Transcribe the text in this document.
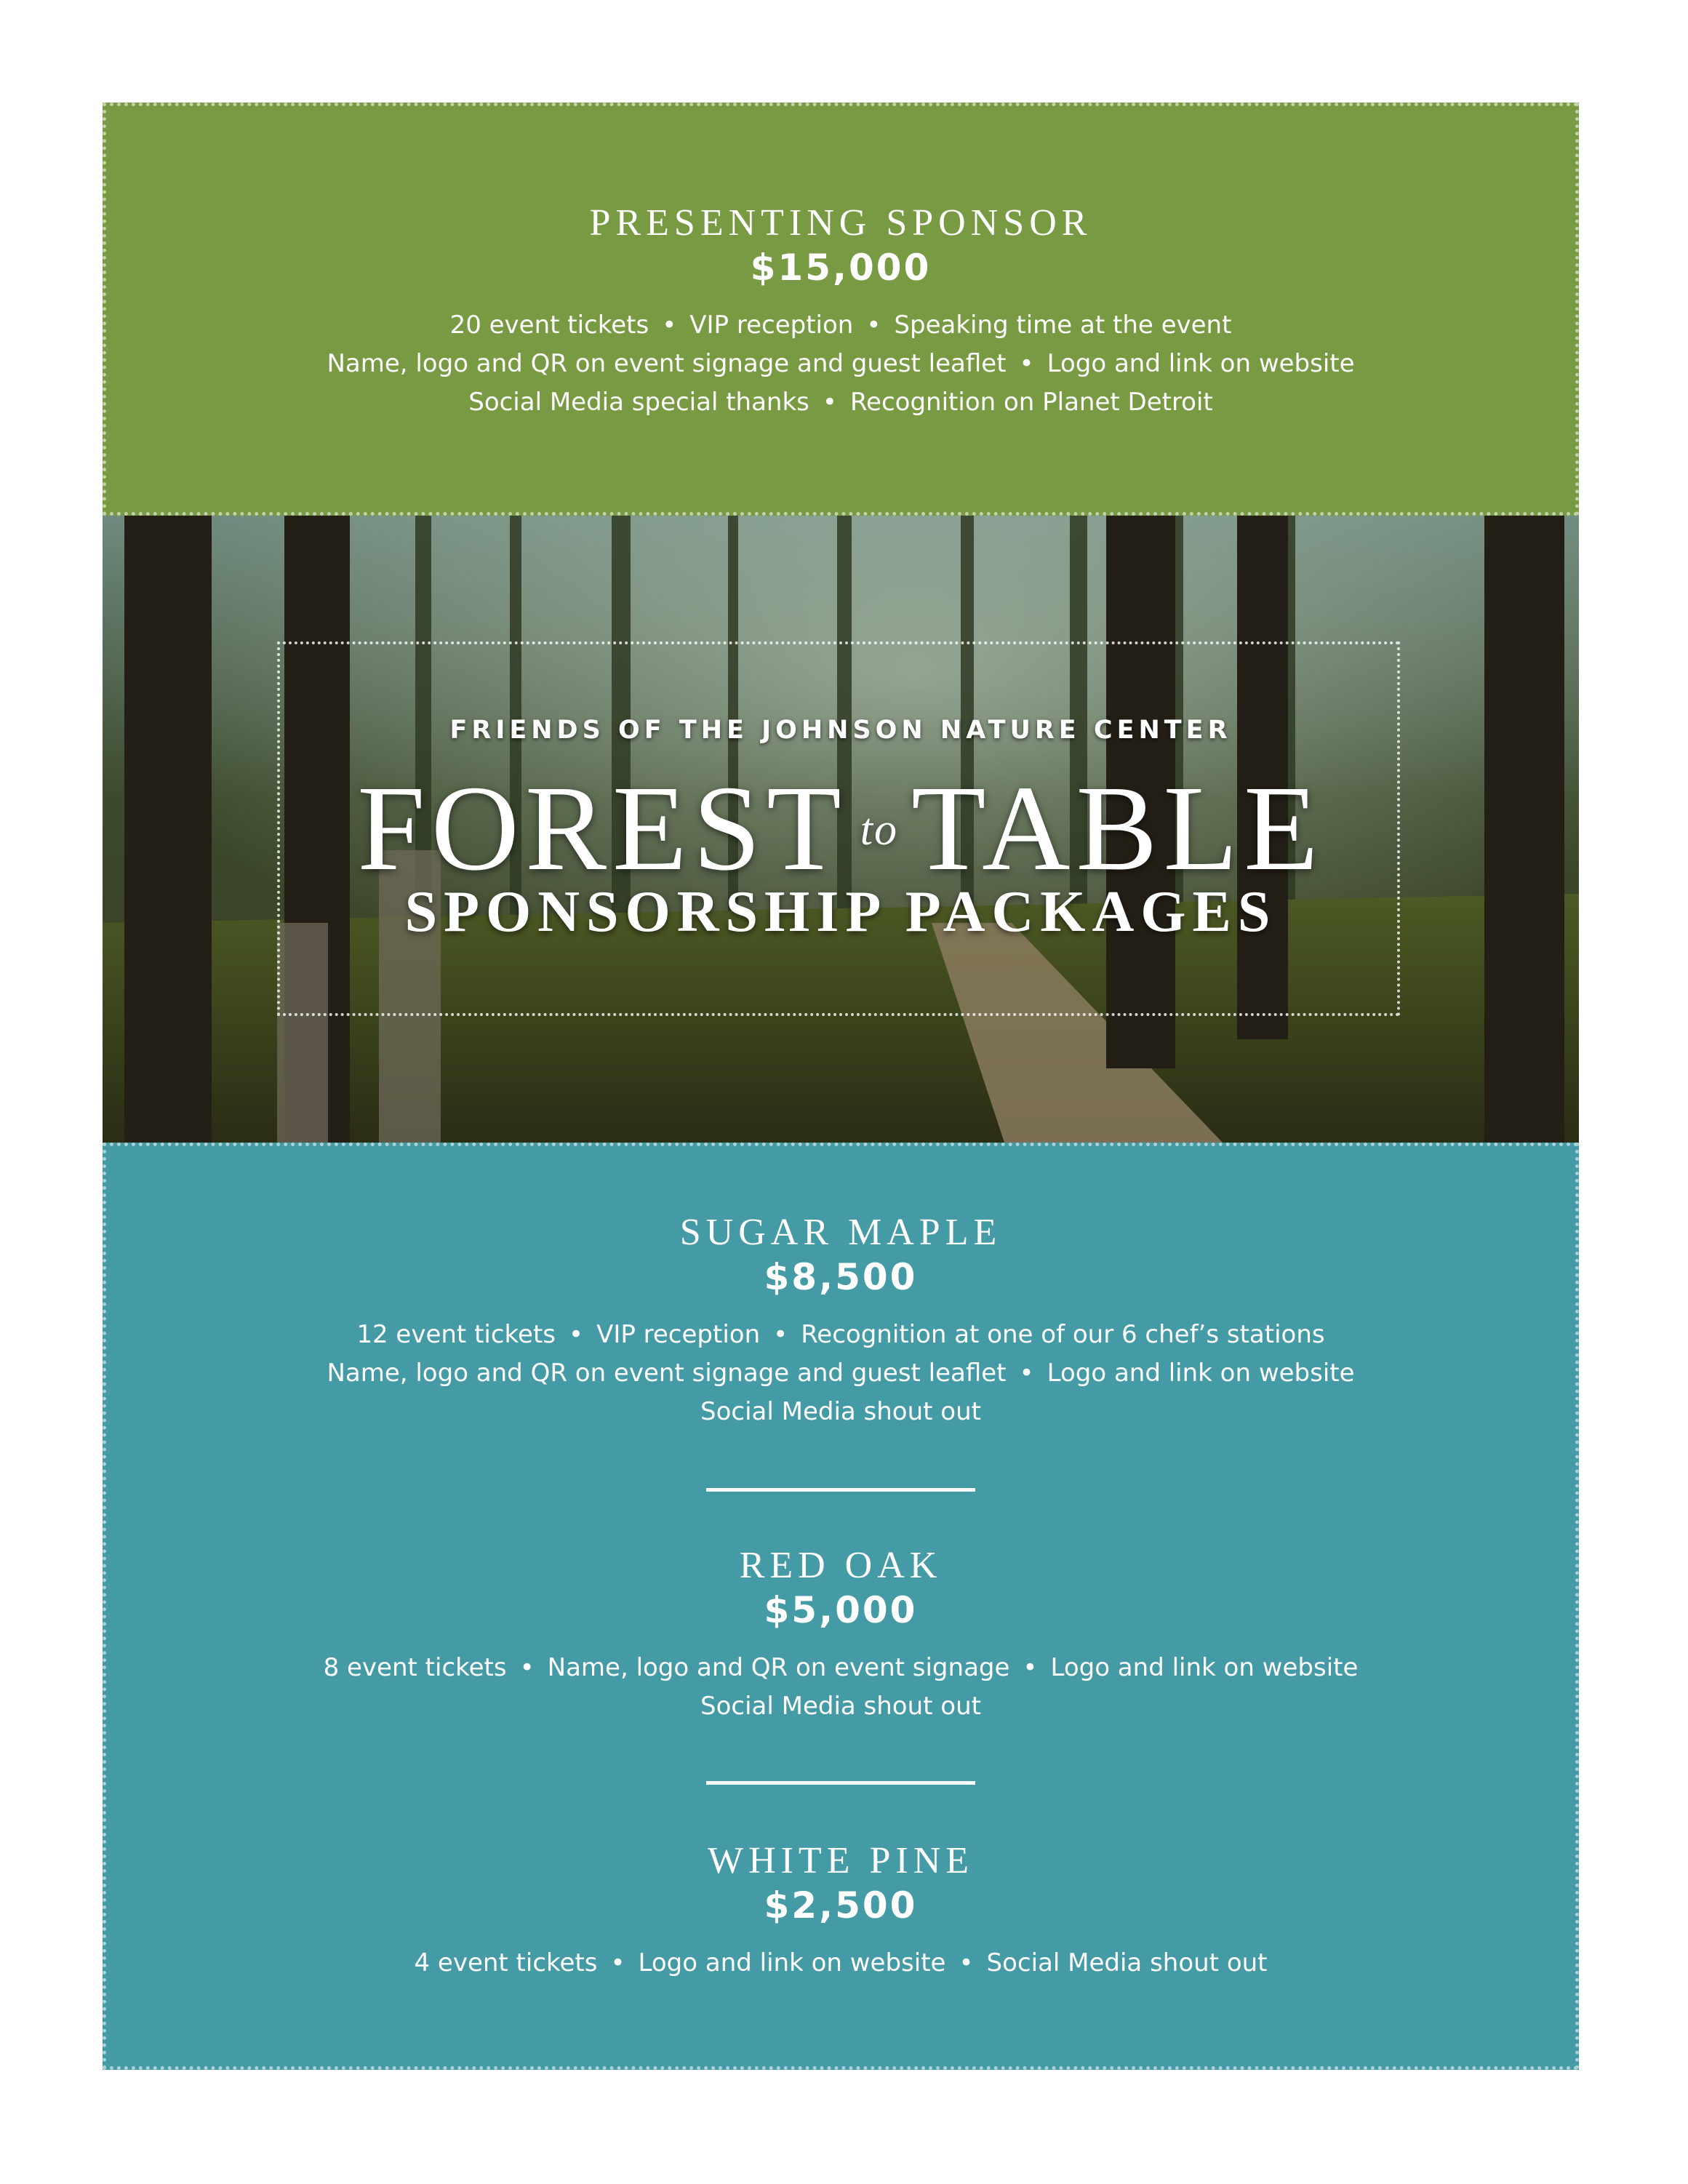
PRESENTING SPONSOR
$15,000
20 event tickets • VIP reception • Speaking time at the event
Name, logo and QR on event signage and guest leaflet • Logo and link on website
Social Media special thanks • Recognition on Planet Detroit
FRIENDS OF THE JOHNSON NATURE CENTER
FOREST $^{to}$ TABLE
SPONSORSHIP PACKAGES
SUGAR MAPLE
$8,500
12 event tickets • VIP reception • Recognition at one of our 6 chef’s stations
Name, logo and QR on event signage and guest leaflet • Logo and link on website
Social Media shout out
RED OAK
$5,000
8 event tickets • Name, logo and QR on event signage • Logo and link on website
Social Media shout out
WHITE PINE
$2,500
4 event tickets • Logo and link on website • Social Media shout out
